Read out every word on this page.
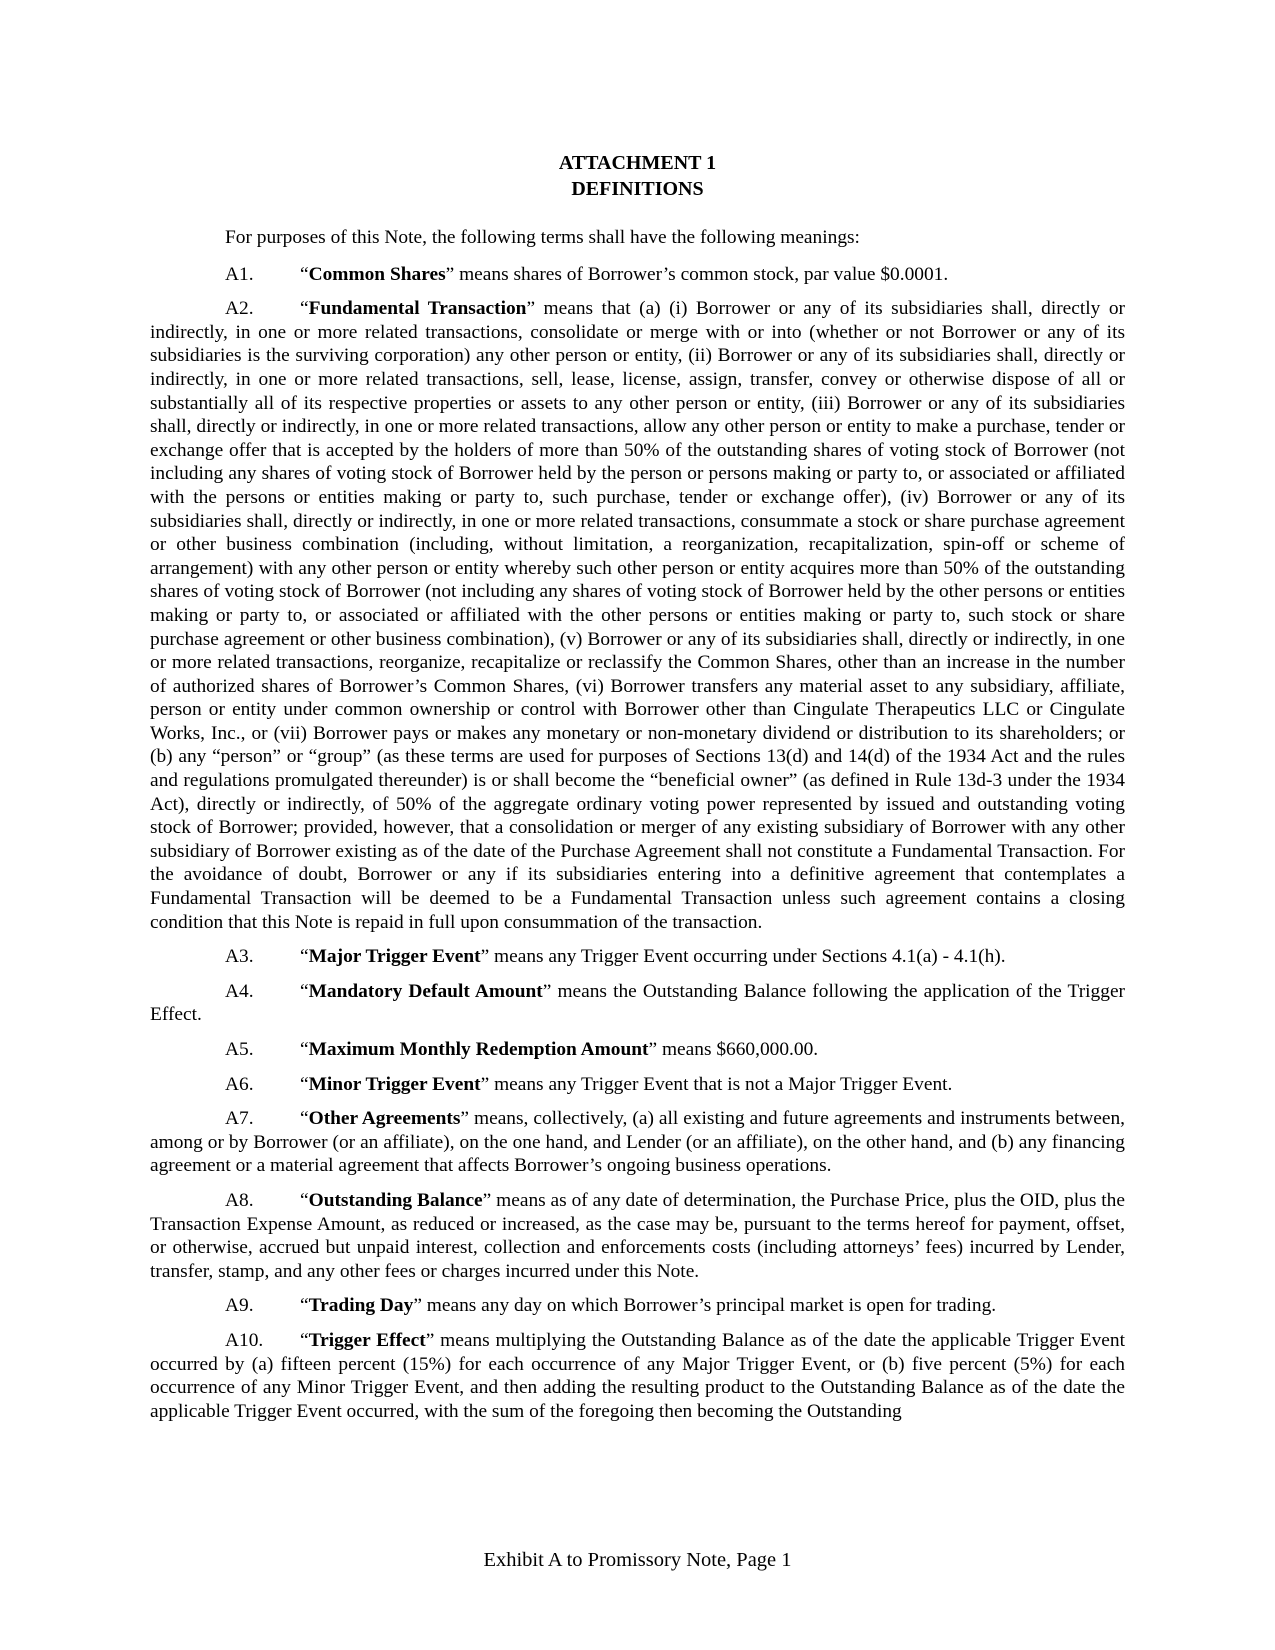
ATTACHMENT 1
DEFINITIONS

For purposes of this Note, the following terms shall have the following meanings:

A1. “Common Shares” means shares of Borrower’s common stock, par value $0.0001.

A2. “Fundamental Transaction” means that (a) (i) Borrower or any of its subsidiaries shall, directly or indirectly, in one or more related transactions, consolidate or merge with or into (whether or not Borrower or any of its subsidiaries is the surviving corporation) any other person or entity, (ii) Borrower or any of its subsidiaries shall, directly or indirectly, in one or more related transactions, sell, lease, license, assign, transfer, convey or otherwise dispose of all or substantially all of its respective properties or assets to any other person or entity, (iii) Borrower or any of its subsidiaries shall, directly or indirectly, in one or more related transactions, allow any other person or entity to make a purchase, tender or exchange offer that is accepted by the holders of more than 50% of the outstanding shares of voting stock of Borrower (not including any shares of voting stock of Borrower held by the person or persons making or party to, or associated or affiliated with the persons or entities making or party to, such purchase, tender or exchange offer), (iv) Borrower or any of its subsidiaries shall, directly or indirectly, in one or more related transactions, consummate a stock or share purchase agreement or other business combination (including, without limitation, a reorganization, recapitalization, spin-off or scheme of arrangement) with any other person or entity whereby such other person or entity acquires more than 50% of the outstanding shares of voting stock of Borrower (not including any shares of voting stock of Borrower held by the other persons or entities making or party to, or associated or affiliated with the other persons or entities making or party to, such stock or share purchase agreement or other business combination), (v) Borrower or any of its subsidiaries shall, directly or indirectly, in one or more related transactions, reorganize, recapitalize or reclassify the Common Shares, other than an increase in the number of authorized shares of Borrower’s Common Shares, (vi) Borrower transfers any material asset to any subsidiary, affiliate, person or entity under common ownership or control with Borrower other than Cingulate Therapeutics LLC or Cingulate Works, Inc., or (vii) Borrower pays or makes any monetary or non-monetary dividend or distribution to its shareholders; or (b) any “person” or “group” (as these terms are used for purposes of Sections 13(d) and 14(d) of the 1934 Act and the rules and regulations promulgated thereunder) is or shall become the “beneficial owner” (as defined in Rule 13d-3 under the 1934 Act), directly or indirectly, of 50% of the aggregate ordinary voting power represented by issued and outstanding voting stock of Borrower; provided, however, that a consolidation or merger of any existing subsidiary of Borrower with any other subsidiary of Borrower existing as of the date of the Purchase Agreement shall not constitute a Fundamental Transaction. For the avoidance of doubt, Borrower or any if its subsidiaries entering into a definitive agreement that contemplates a Fundamental Transaction will be deemed to be a Fundamental Transaction unless such agreement contains a closing condition that this Note is repaid in full upon consummation of the transaction.

A3. “Major Trigger Event” means any Trigger Event occurring under Sections 4.1(a) - 4.1(h).

A4. “Mandatory Default Amount” means the Outstanding Balance following the application of the Trigger Effect.

A5. “Maximum Monthly Redemption Amount” means $660,000.00.

A6. “Minor Trigger Event” means any Trigger Event that is not a Major Trigger Event.

A7. “Other Agreements” means, collectively, (a) all existing and future agreements and instruments between, among or by Borrower (or an affiliate), on the one hand, and Lender (or an affiliate), on the other hand, and (b) any financing agreement or a material agreement that affects Borrower’s ongoing business operations.

A8. “Outstanding Balance” means as of any date of determination, the Purchase Price, plus the OID, plus the Transaction Expense Amount, as reduced or increased, as the case may be, pursuant to the terms hereof for payment, offset, or otherwise, accrued but unpaid interest, collection and enforcements costs (including attorneys’ fees) incurred by Lender, transfer, stamp, and any other fees or charges incurred under this Note.

A9. “Trading Day” means any day on which Borrower’s principal market is open for trading.

A10. “Trigger Effect” means multiplying the Outstanding Balance as of the date the applicable Trigger Event occurred by (a) fifteen percent (15%) for each occurrence of any Major Trigger Event, or (b) five percent (5%) for each occurrence of any Minor Trigger Event, and then adding the resulting product to the Outstanding Balance as of the date the applicable Trigger Event occurred, with the sum of the foregoing then becoming the Outstanding

Exhibit A to Promissory Note, Page 1
